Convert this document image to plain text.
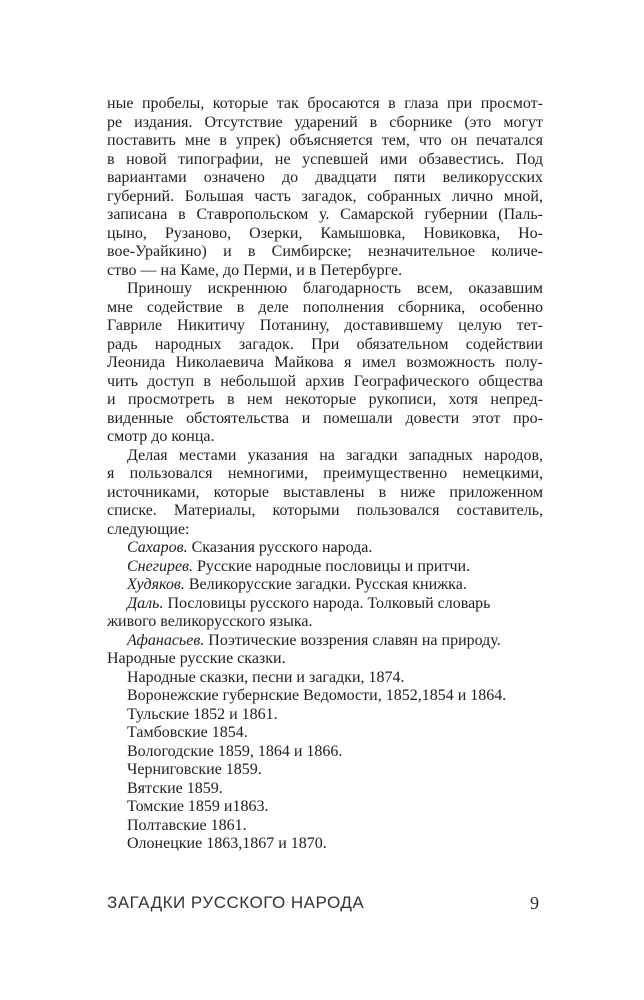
ные пробелы, которые так бросаются в глаза при просмот-
ре издания. Отсутствие ударений в сборнике (это могут
поставить мне в упрек) объясняется тем, что он печатался
в новой типографии, не успевшей ими обзавестись. Под
вариантами означено до двадцати пяти великорусских
губерний. Большая часть загадок, собранных лично мной,
записана в Ставропольском у. Самарской губернии (Паль-
цыно, Рузаново, Озерки, Камышовка, Новиковка, Но-
вое-Урайкино) и в Симбирске; незначительное количе-
ство — на Каме, до Перми, и в Петербурге.
Приношу искреннюю благодарность всем, оказавшим
мне содействие в деле пополнения сборника, особенно
Гавриле Никитичу Потанину, доставившему целую тет-
радь народных загадок. При обязательном содействии
Леонида Николаевича Майкова я имел возможность полу-
чить доступ в небольшой архив Географического общества
и просмотреть в нем некоторые рукописи, хотя непред-
виденные обстоятельства и помешали довести этот про-
смотр до конца.
Делая местами указания на загадки западных народов,
я пользовался немногими, преимущественно немецкими,
источниками, которые выставлены в ниже приложенном
списке. Материалы, которыми пользовался составитель,
следующие:
Сахаров. Сказания русского народа.
Снегирев. Русские народные пословицы и притчи.
Худяков. Великорусские загадки. Русская книжка.
Даль. Пословицы русского народа. Толковый словарь
живого великорусского языка.
Афанасьев. Поэтические воззрения славян на природу.
Народные русские сказки.
Народные сказки, песни и загадки, 1874.
Воронежские губернские Ведомости, 1852,1854 и 1864.
Тульские 1852 и 1861.
Тамбовские 1854.
Вологодские 1859, 1864 и 1866.
Черниговские 1859.
Вятские 1859.
Томские 1859 и1863.
Полтавские 1861.
Олонецкие 1863,1867 и 1870.
ЗАГАДКИ РУССКОГО НАРОДА	9
